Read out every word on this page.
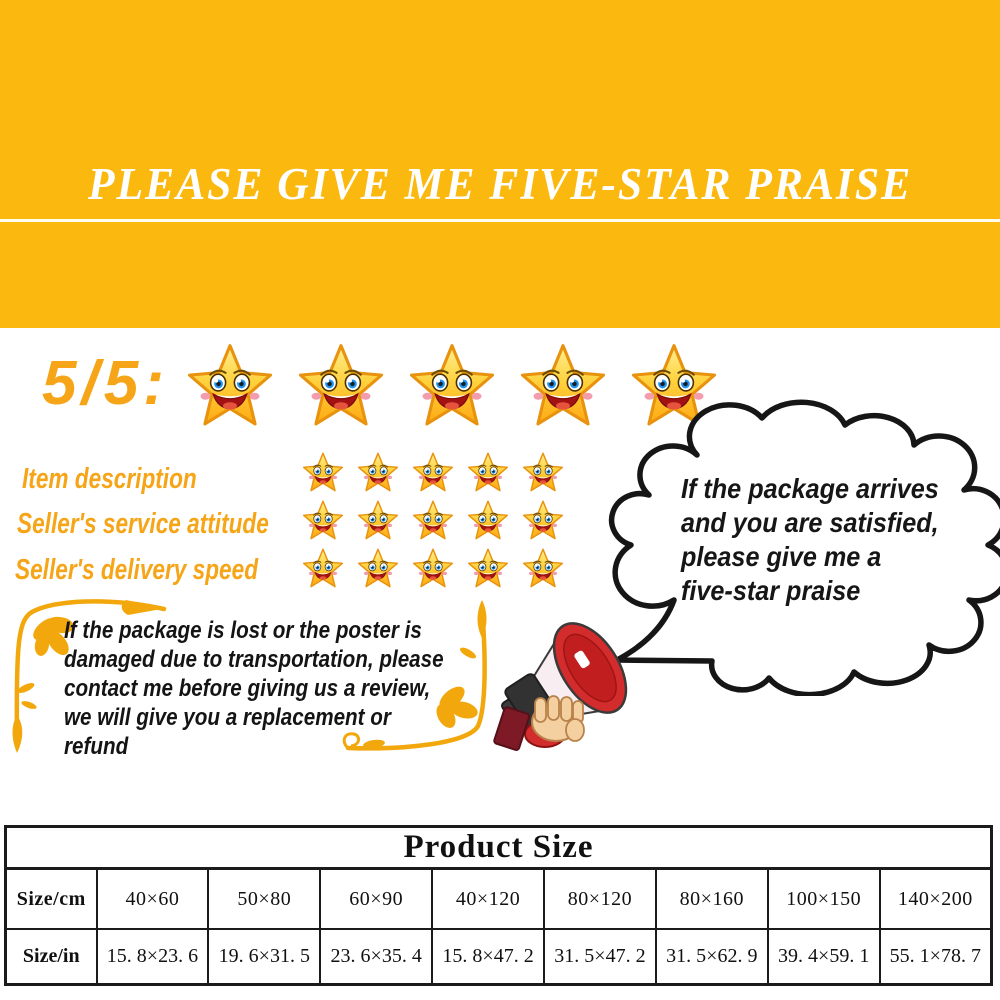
PLEASE GIVE ME FIVE-STAR PRAISE
5/5:
Item description
Seller's service attitude
Seller's delivery speed
If the package arrives
and you are satisfied,
please give me a
five-star praise
If the package is lost or the poster is
damaged due to transportation, please
contact me before giving us a review,
we will give you a replacement or
refund
Product Size								
Size/cm	40×60	50×80	60×90	40×120	80×120	80×160	100×150	140×200
Size/in	15. 8×23. 6	19. 6×31. 5	23. 6×35. 4	15. 8×47. 2	31. 5×47. 2	31. 5×62. 9	39. 4×59. 1	55. 1×78. 7
